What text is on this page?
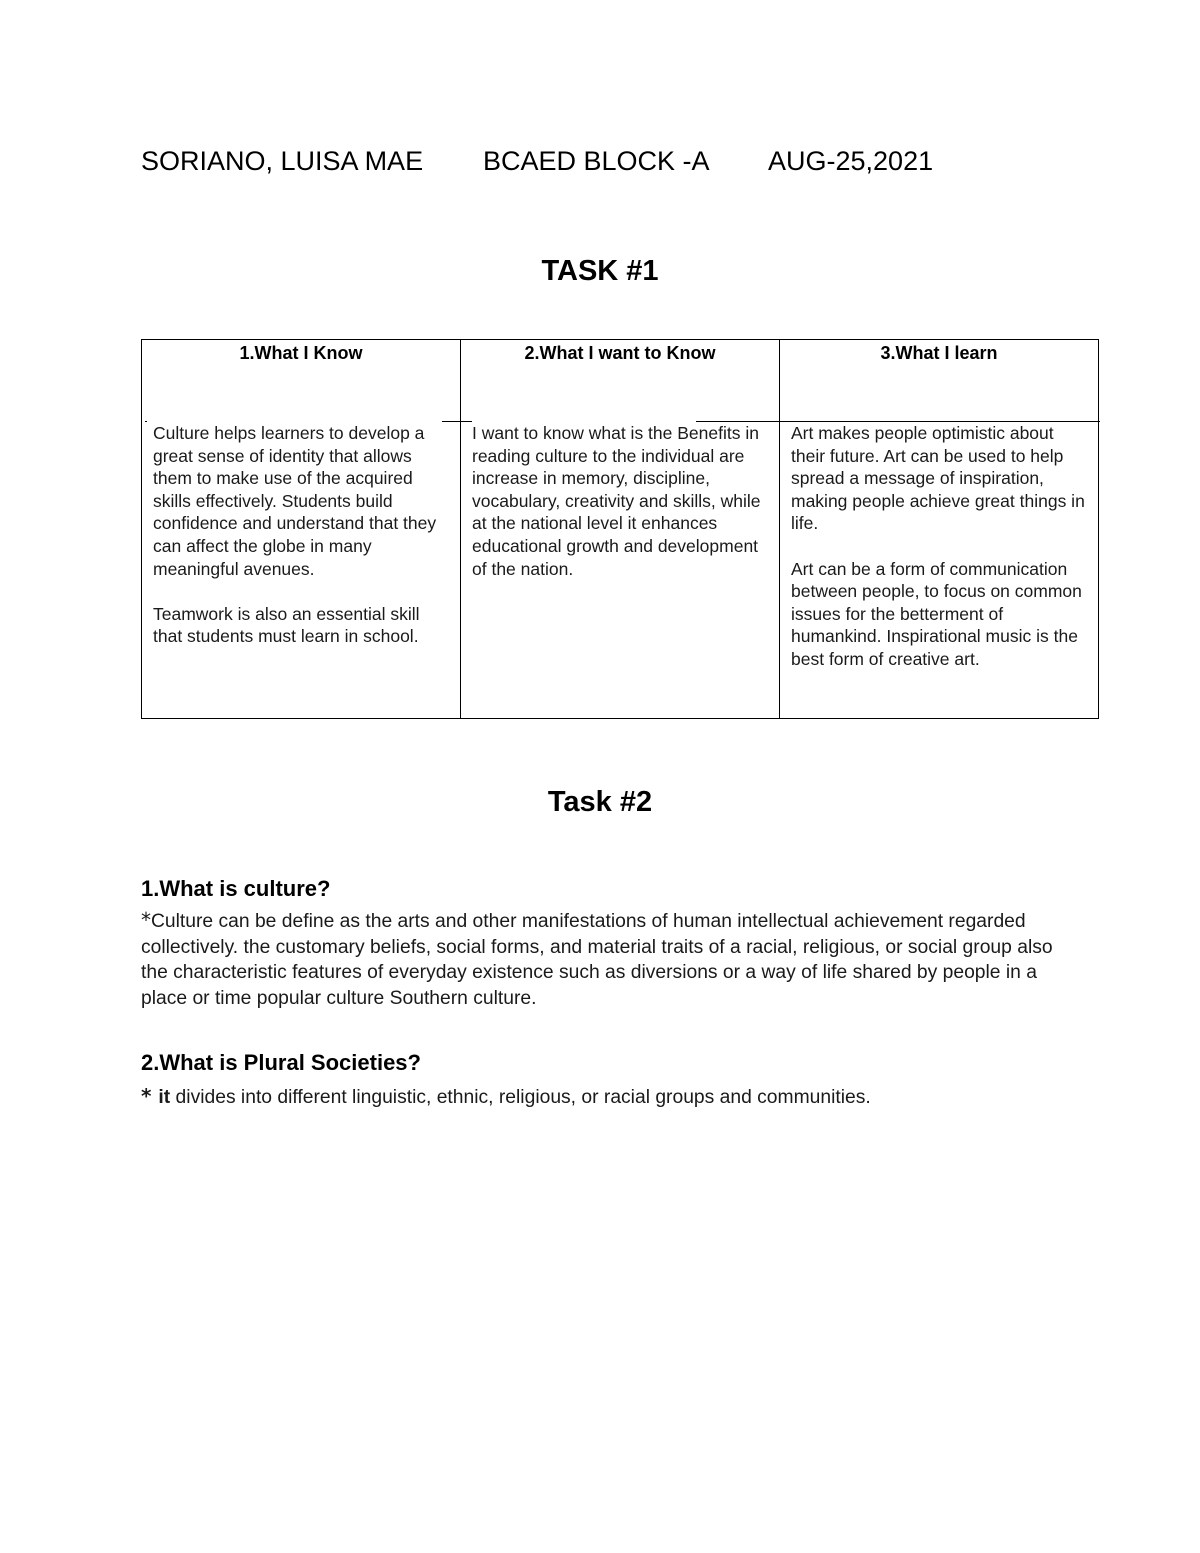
SORIANO, LUISA MAE BCAED BLOCK -A AUG-25,2021
TASK #1
1.What I Know	2.What I want to Know	3.What I learn
Culture helps learners to develop a great sense of identity that allows them to make use of the acquired skills effectively. Students build confidence and understand that they can affect the globe in many meaningful avenues.
Teamwork is also an essential skill that students must learn in school.
I want to know what is the Benefits in reading culture to the individual are increase in memory, discipline, vocabulary, creativity and skills, while at the national level it enhances educational growth and development of the nation.
Art makes people optimistic about their future. Art can be used to help spread a message of inspiration, making people achieve great things in life.
Art can be a form of communication between people, to focus on common issues for the betterment of humankind. Inspirational music is the best form of creative art.
Task #2
1.What is culture?
*Culture can be define as the arts and other manifestations of human intellectual achievement regarded collectively. the customary beliefs, social forms, and material traits of a racial, religious, or social group also the characteristic features of everyday existence such as diversions or a way of life shared by people in a place or time popular culture Southern culture.
2.What is Plural Societies?
* it divides into different linguistic, ethnic, religious, or racial groups and communities.
